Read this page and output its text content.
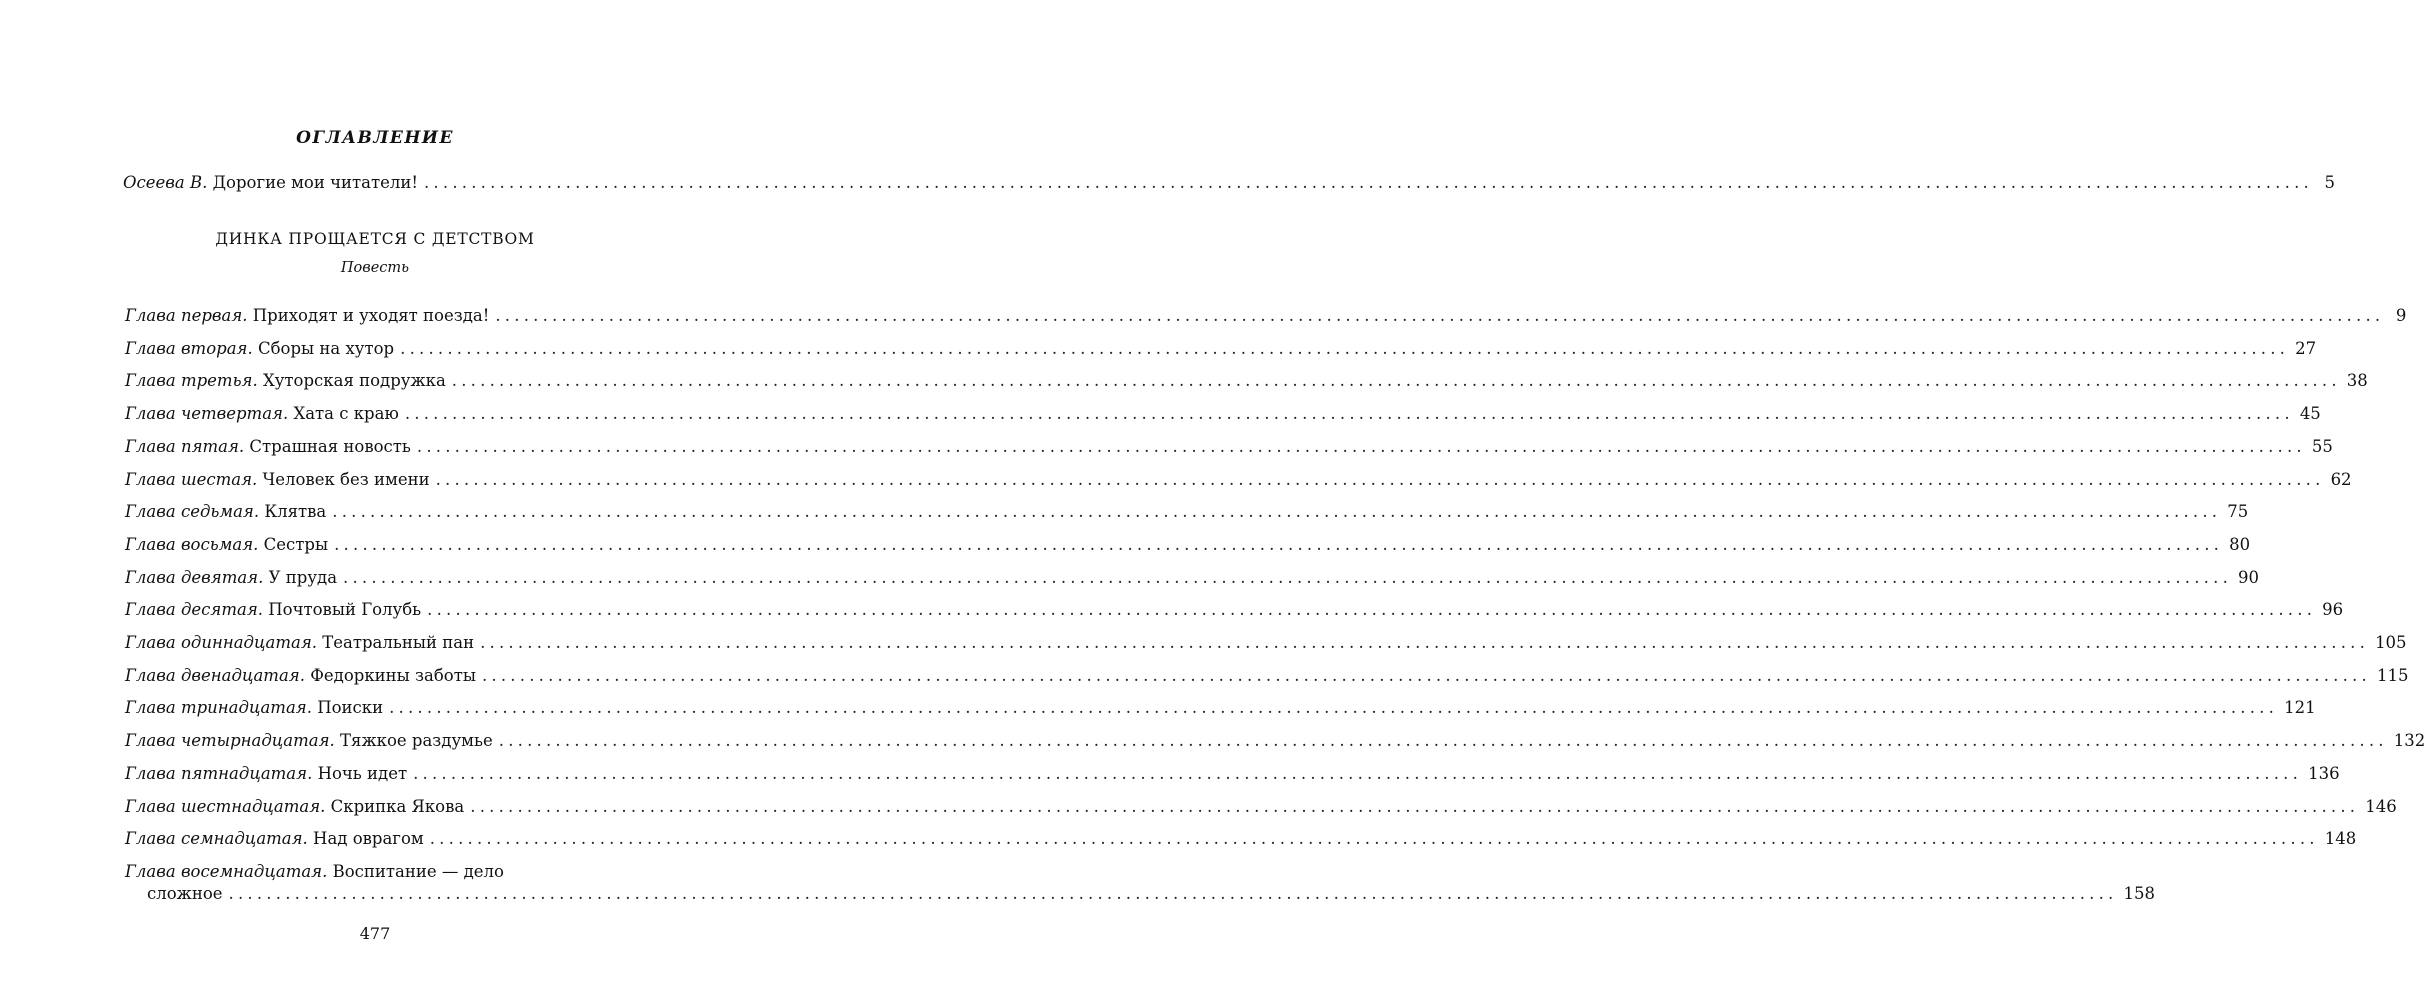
ОГЛАВЛЕНИЕ
Осеева В. Дорогие мои читатели! ........................................................................................................................................................................................................ 5
ДИНКА ПРОЩАЕТСЯ С ДЕТСТВОМ
Повесть
Глава первая. Приходят и уходят поезда! ........................................................................................................................................................................................................ 9
Глава вторая. Сборы на хутор ........................................................................................................................................................................................................ 27
Глава третья. Хуторская подружка ........................................................................................................................................................................................................ 38
Глава четвертая. Хата с краю ........................................................................................................................................................................................................ 45
Глава пятая. Страшная новость ........................................................................................................................................................................................................ 55
Глава шестая. Человек без имени ........................................................................................................................................................................................................ 62
Глава седьмая. Клятва ........................................................................................................................................................................................................ 75
Глава восьмая. Сестры ........................................................................................................................................................................................................ 80
Глава девятая. У пруда ........................................................................................................................................................................................................ 90
Глава десятая. Почтовый Голубь ........................................................................................................................................................................................................ 96
Глава одиннадцатая. Театральный пан ........................................................................................................................................................................................................ 105
Глава двенадцатая. Федоркины заботы ........................................................................................................................................................................................................ 115
Глава тринадцатая. Поиски ........................................................................................................................................................................................................ 121
Глава четырнадцатая. Тяжкое раздумье ........................................................................................................................................................................................................ 132
Глава пятнадцатая. Ночь идет ........................................................................................................................................................................................................ 136
Глава шестнадцатая. Скрипка Якова ........................................................................................................................................................................................................ 146
Глава семнадцатая. Над оврагом ........................................................................................................................................................................................................ 148
Глава восемнадцатая. Воспитание — дело
сложное ........................................................................................................................................................................................................ 158
477
